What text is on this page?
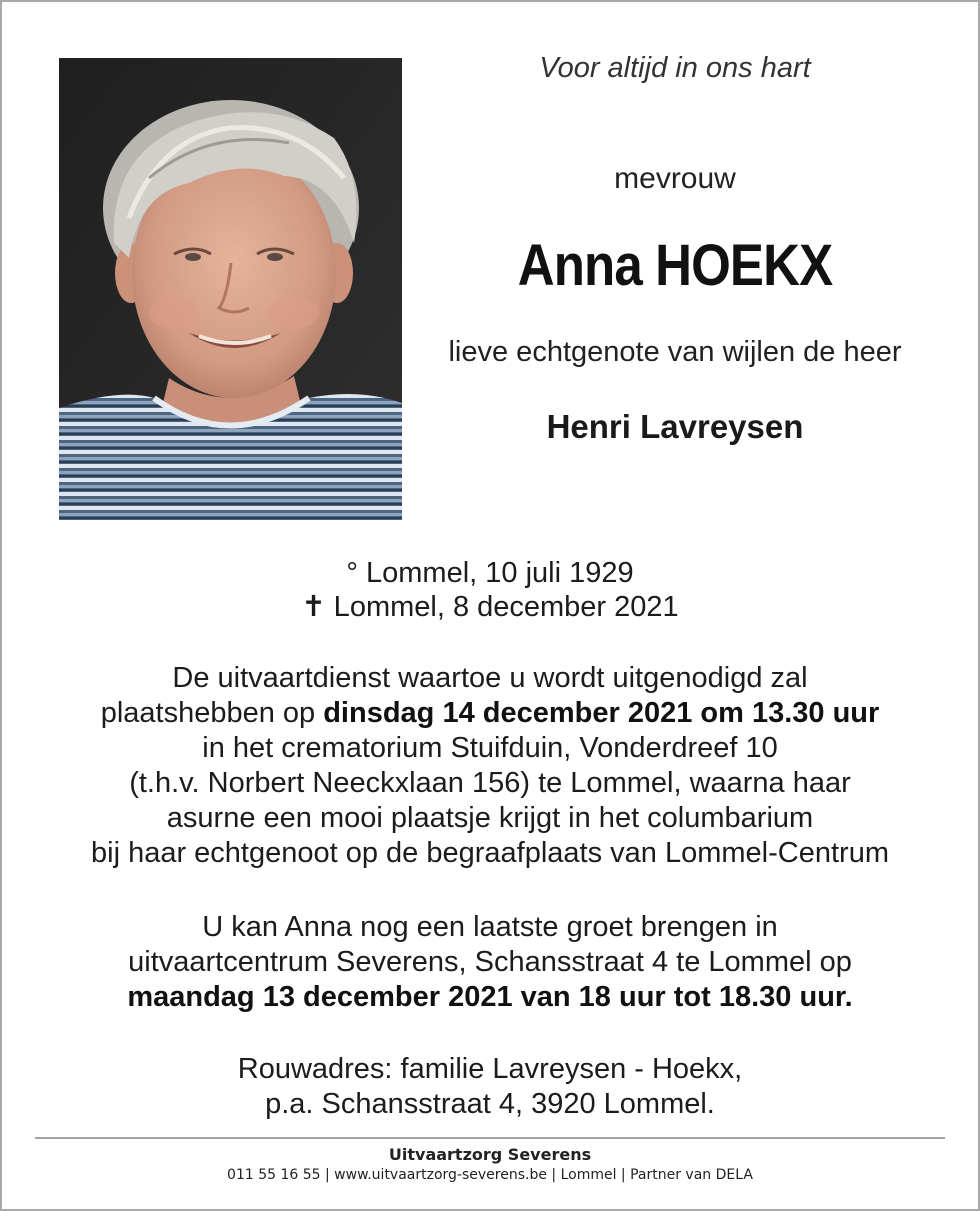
Voor altijd in ons hart
mevrouw
Anna HOEKX
lieve echtgenote van wijlen de heer
Henri Lavreysen

° Lommel, 10 juli 1929

✝ Lommel, 8 december 2021

De uitvaartdienst waartoe u wordt uitgenodigd zal

plaatshebben op dinsdag 14 december 2021 om 13.30 uur

in het crematorium Stuifduin, Vonderdreef 10

(t.h.v. Norbert Neeckxlaan 156) te Lommel, waarna haar

asurne een mooi plaatsje krijgt in het columbarium

bij haar echtgenoot op de begraafplaats van Lommel-Centrum

U kan Anna nog een laatste groet brengen in

uitvaartcentrum Severens, Schansstraat 4 te Lommel op

maandag 13 december 2021 van 18 uur tot 18.30 uur.

Rouwadres: familie Lavreysen - Hoekx,

p.a. Schansstraat 4, 3920 Lommel.

Uitvaartzorg Severens
011 55 16 55 | www.uitvaartzorg-severens.be | Lommel | Partner van DELA
